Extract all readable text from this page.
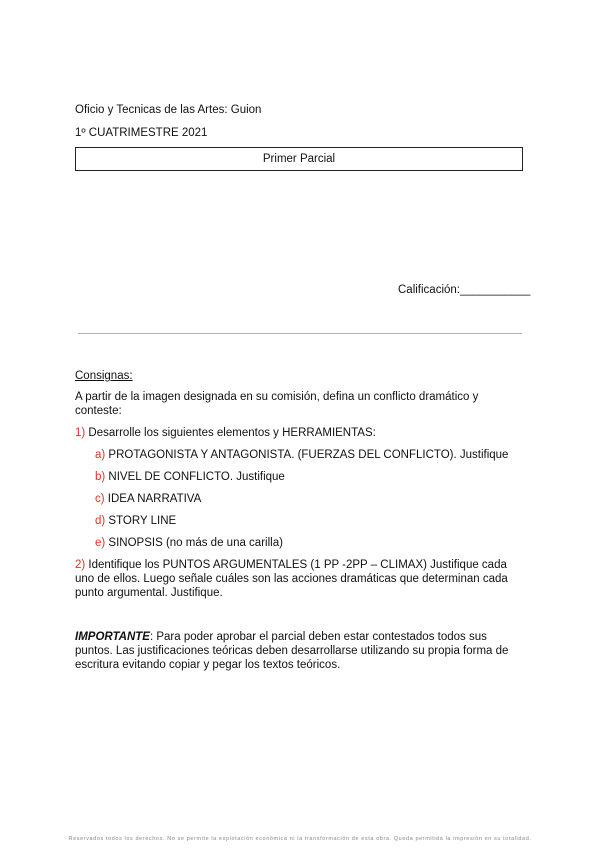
Oficio y Tecnicas de las Artes: Guion
1º CUATRIMESTRE 2021
Primer Parcial
Calificación:___________
Consignas:
A partir de la imagen designada en su comisión, defina un conflicto dramático y
conteste:
1) Desarrolle los siguientes elementos y HERRAMIENTAS:
a) PROTAGONISTA Y ANTAGONISTA. (FUERZAS DEL CONFLICTO). Justifique
b) NIVEL DE CONFLICTO. Justifique
c) IDEA NARRATIVA
d) STORY LINE
e) SINOPSIS (no más de una carilla)
2) Identifique los PUNTOS ARGUMENTALES (1 PP -2PP – CLIMAX) Justifique cada
uno de ellos. Luego señale cuáles son las acciones dramáticas que determinan cada
punto argumental. Justifique.
IMPORTANTE: Para poder aprobar el parcial deben estar contestados todos sus
puntos. Las justificaciones teóricas deben desarrollarse utilizando su propia forma de
escritura evitando copiar y pegar los textos teóricos.
Reservados todos los derechos. No se permite la explotación económica ni la transformación de esta obra. Queda permitida la impresión en su totalidad.
